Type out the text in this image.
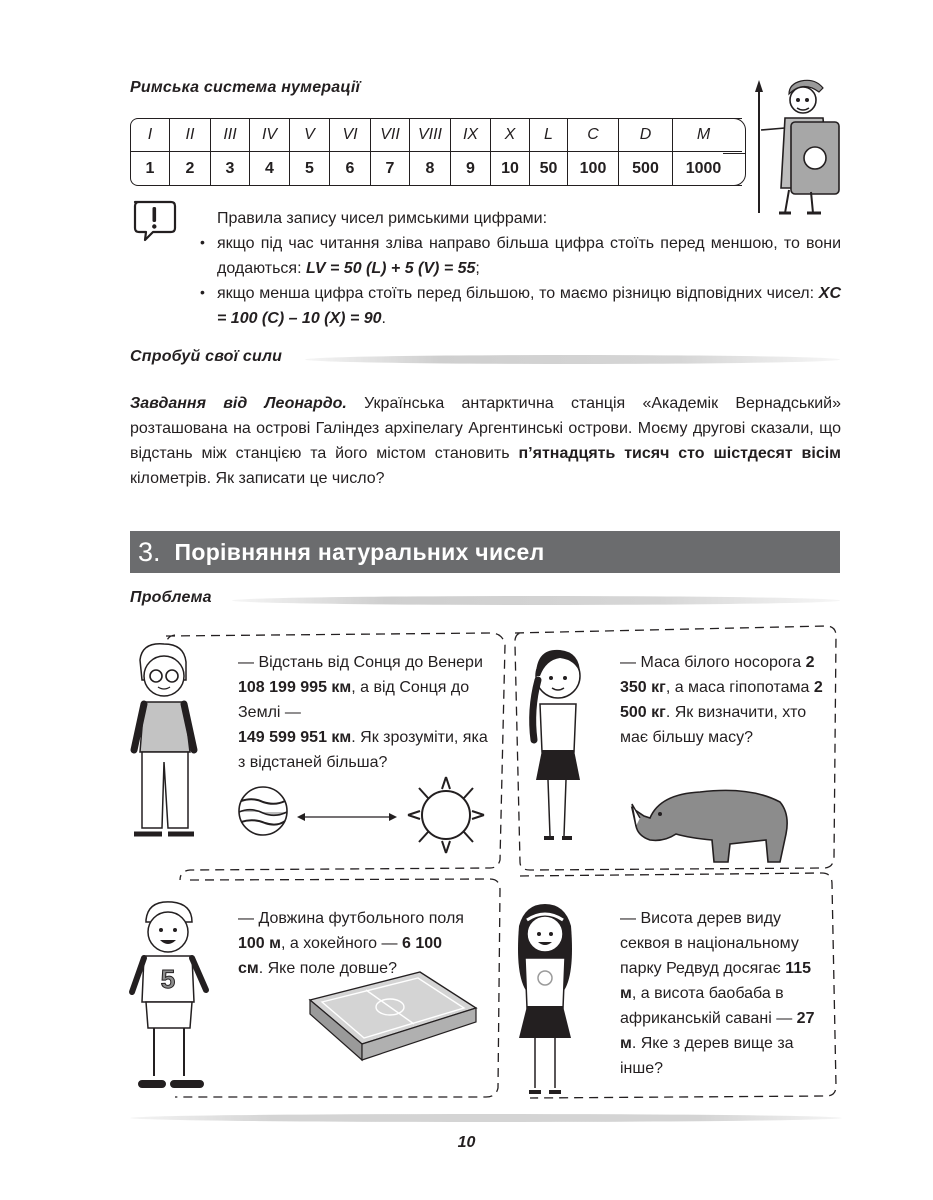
Римська система нумерації
I	II	III	IV	V	VI	VII	VIII	IX	X	L	C	D	M
1	2	3	4	5	6	7	8	9	10	50	100	500	1000
Правила запису чисел римськими цифрами:
• якщо під час читання зліва направо більша цифра стоїть перед меншою, то вони додаються: LV = 50 (L) + 5 (V) = 55;
• якщо менша цифра стоїть перед більшою, то маємо різницю відповідних чисел: XC = 100 (C) – 10 (X) = 90.
Спробуй свої сили
Завдання від Леонардо. Українська антарктична станція «Академік Вернадський» розташована на острові Галіндез архіпелагу Аргентинські острови. Моєму другові сказали, що відстань між станцією та його містом становить п’ятнадцять тисяч сто шістдесят вісім кілометрів. Як записати це число?
3. Порівняння натуральних чисел
Проблема
— Відстань від Сонця до Венери 108 199 995 км, а від Сонця до Землі —
149 599 951 км. Як зрозуміти, яка з відстаней більша?
— Маса білого носорога 2 350 кг, а маса гіпопотама 2 500 кг. Як визначити, хто має більшу масу?
— Довжина футбольного поля 100 м, а хокейного — 6 100 см. Яке поле довше?
— Висота дерев виду секвоя в національному парку Редвуд досягає 115 м, а висота баобаба в африканській савані — 27 м. Яке з дерев вище за інше?
5
10
